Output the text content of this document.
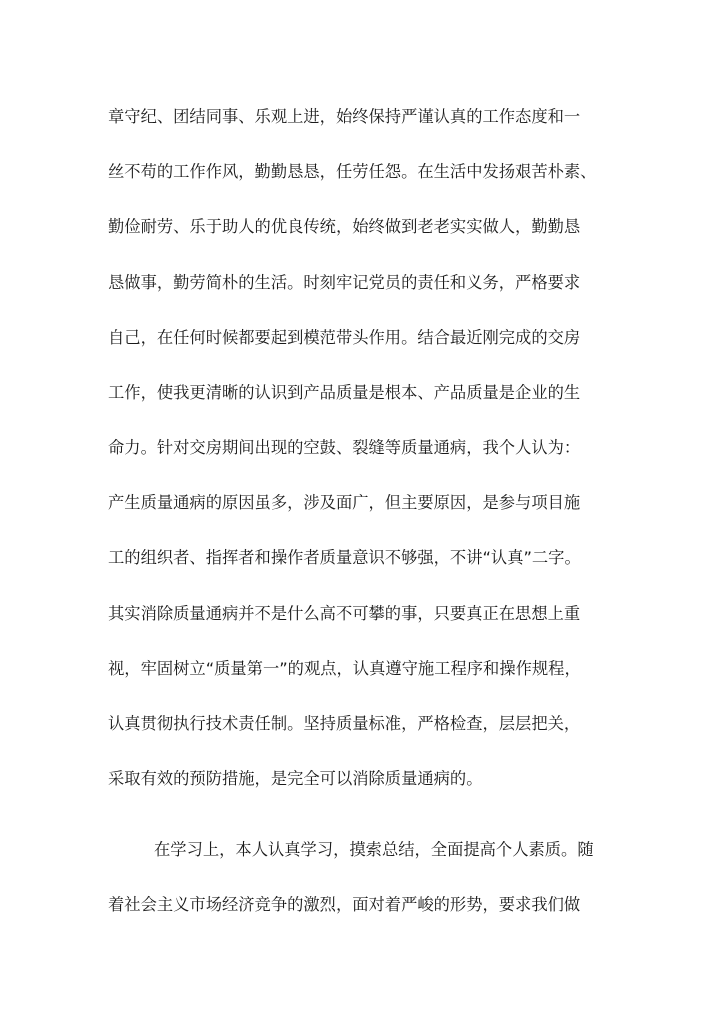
章守纪、团结同事、乐观上进，始终保持严谨认真的工作态度和一
丝不苟的工作作风，勤勤恳恳，任劳任怨。在生活中发扬艰苦朴素、
勤俭耐劳、乐于助人的优良传统，始终做到老老实实做人，勤勤恳
恳做事，勤劳简朴的生活。时刻牢记党员的责任和义务，严格要求
自己，在任何时候都要起到模范带头作用。结合最近刚完成的交房
工作，使我更清晰的认识到产品质量是根本、产品质量是企业的生
命力。针对交房期间出现的空鼓、裂缝等质量通病，我个人认为：
产生质量通病的原因虽多，涉及面广，但主要原因，是参与项目施
工的组织者、指挥者和操作者质量意识不够强，不讲“认真”二字。
其实消除质量通病并不是什么高不可攀的事，只要真正在思想上重
视，牢固树立“质量第一”的观点，认真遵守施工程序和操作规程，
认真贯彻执行技术责任制。坚持质量标准，严格检查，层层把关，
采取有效的预防措施，是完全可以消除质量通病的。
在学习上，本人认真学习，摸索总结，全面提高个人素质。随
着社会主义市场经济竞争的激烈，面对着严峻的形势，要求我们做
